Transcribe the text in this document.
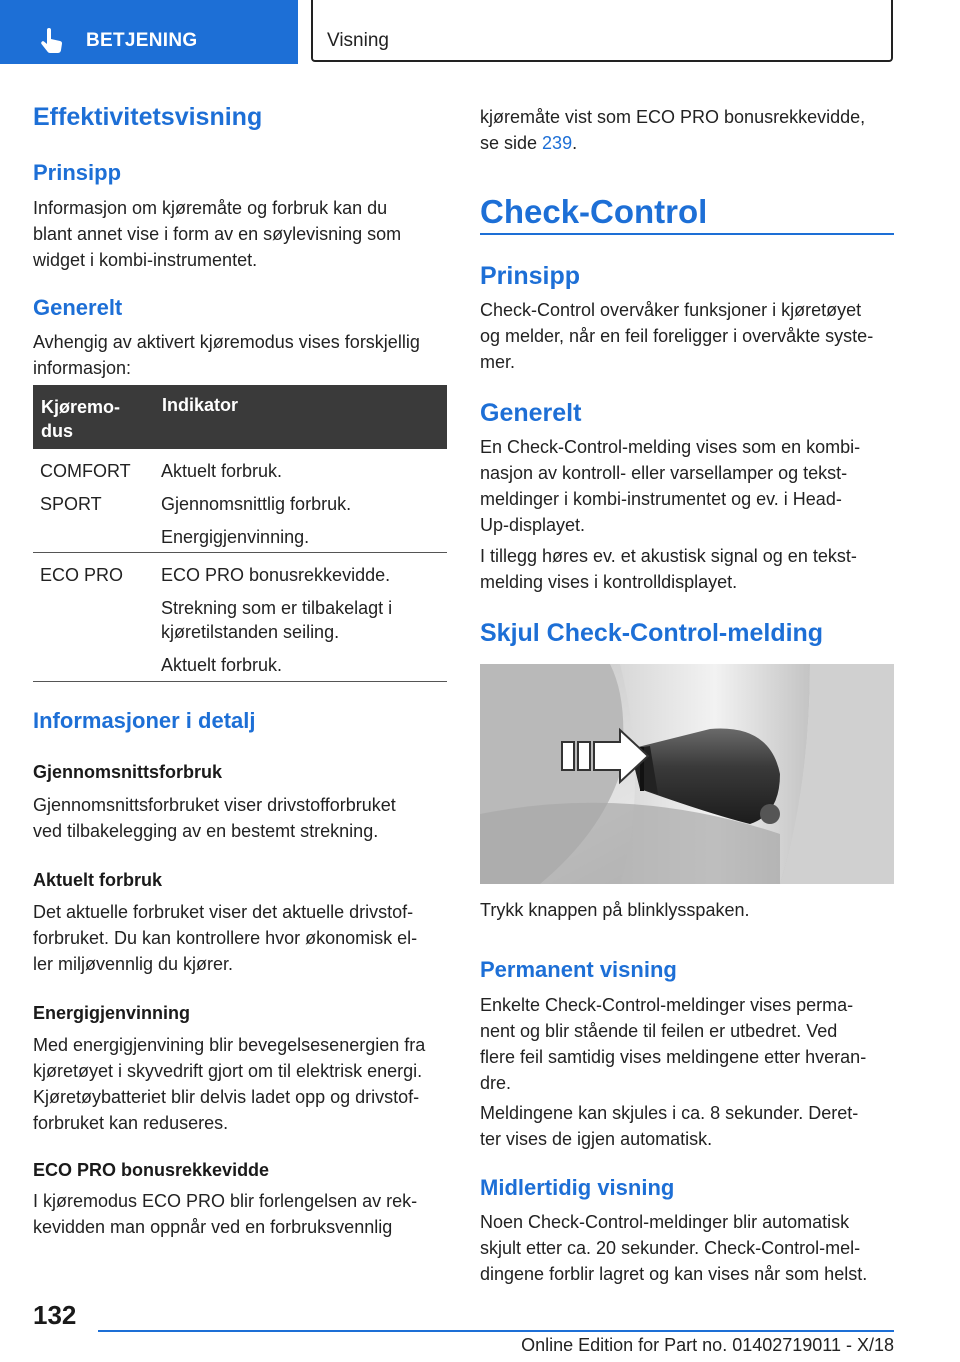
BETJENING	Visning
Effektivitetsvisning
Prinsipp

Informasjon om kjøremåte og forbruk kan du
blant annet vise i form av en søylevisning som
widget i kombi-instrumentet.

Generelt

Avhengig av aktivert kjøremodus vises forskjellig
informasjon:

Kjøremo-
dus
Indikator
COMFORT
SPORT
Aktuelt forbruk.
Gjennomsnittlig forbruk.
Energigjenvinning.
ECO PRO ECO PRO bonusrekkevidde.
Strekning som er tilbakelagt i
kjøretilstanden seiling.
Aktuelt forbruk.
Informasjoner i detalj
Gjennomsnittsforbruk

Gjennomsnittsforbruket viser drivstofforbruket
ved tilbakelegging av en bestemt strekning.

Aktuelt forbruk

Det aktuelle forbruket viser det aktuelle drivstof‐
forbruket. Du kan kontrollere hvor økonomisk el‐
ler miljøvennlig du kjører.

Energigjenvinning

Med energigjenvining blir bevegelsesenergien fra
kjøretøyet i skyvedrift gjort om til elektrisk energi.
Kjøretøybatteriet blir delvis ladet opp og drivstof‐
forbruket kan reduseres.

ECO PRO bonusrekkevidde

I kjøremodus ECO PRO blir forlengelsen av rek‐
kevidden man oppnår ved en forbruksvennlig

kjøremåte vist som ECO PRO bonusrekkevidde,
se side 239.

Check-Control
Prinsipp

Check-Control overvåker funksjoner i kjøretøyet
og melder, når en feil foreligger i overvåkte syste‐
mer.

Generelt

En Check-Control-melding vises som en kombi‐
nasjon av kontroll- eller varsellamper og tekst‐
meldinger i kombi-instrumentet og ev. i Head-
Up-displayet.

I tillegg høres ev. et akustisk signal og en tekst‐
melding vises i kontrolldisplayet.

Skjul Check-Control-melding

Trykk knappen på blinklysspaken.

Permanent visning

Enkelte Check-Control-meldinger vises perma‐
nent og blir stående til feilen er utbedret. Ved
flere feil samtidig vises meldingene etter hveran‐
dre.

Meldingene kan skjules i ca. 8 sekunder. Deret‐
ter vises de igjen automatisk.

Midlertidig visning

Noen Check-Control-meldinger blir automatisk
skjult etter ca. 20 sekunder. Check-Control-mel‐
dingene forblir lagret og kan vises når som helst.

132
Online Edition for Part no. 01402719011 - X/18
